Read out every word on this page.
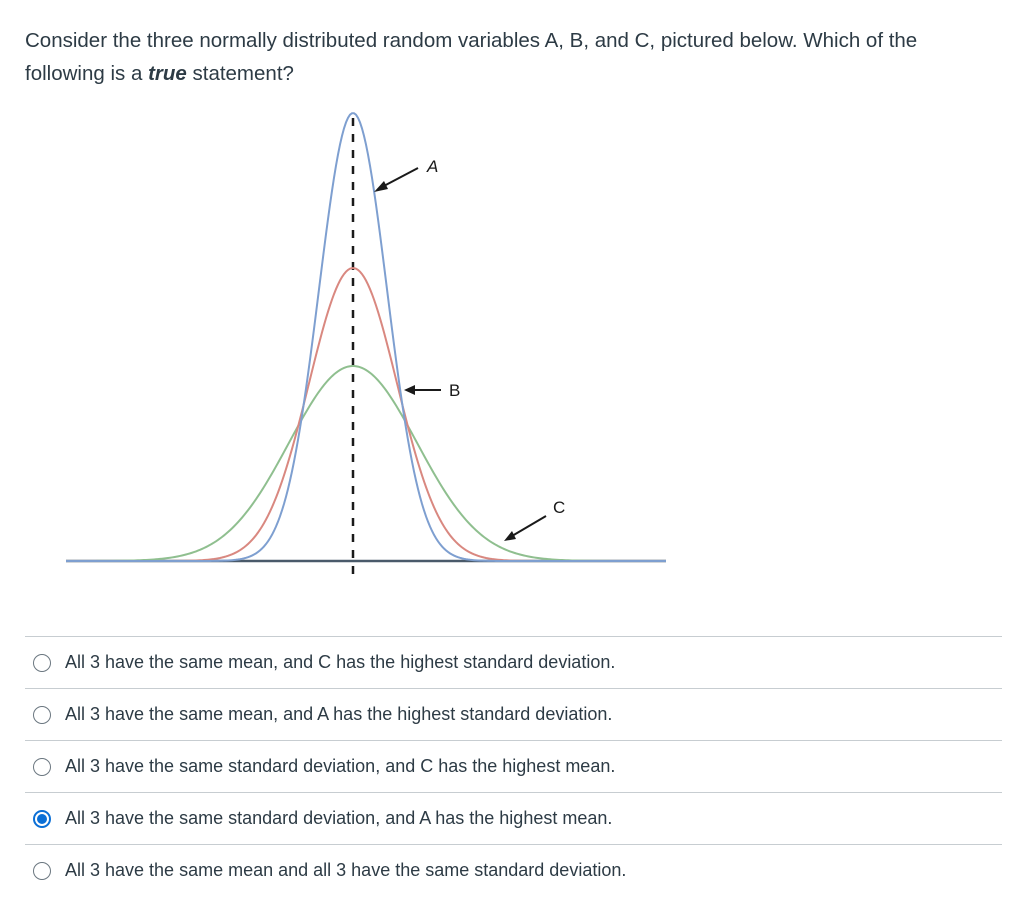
Consider the three normally distributed random variables A, B, and C, pictured below. Which of the following is a true statement?

A
B
C
All 3 have the same mean, and C has the highest standard deviation.
All 3 have the same mean, and A has the highest standard deviation.
All 3 have the same standard deviation, and C has the highest mean.
All 3 have the same standard deviation, and A has the highest mean.
All 3 have the same mean and all 3 have the same standard deviation.
